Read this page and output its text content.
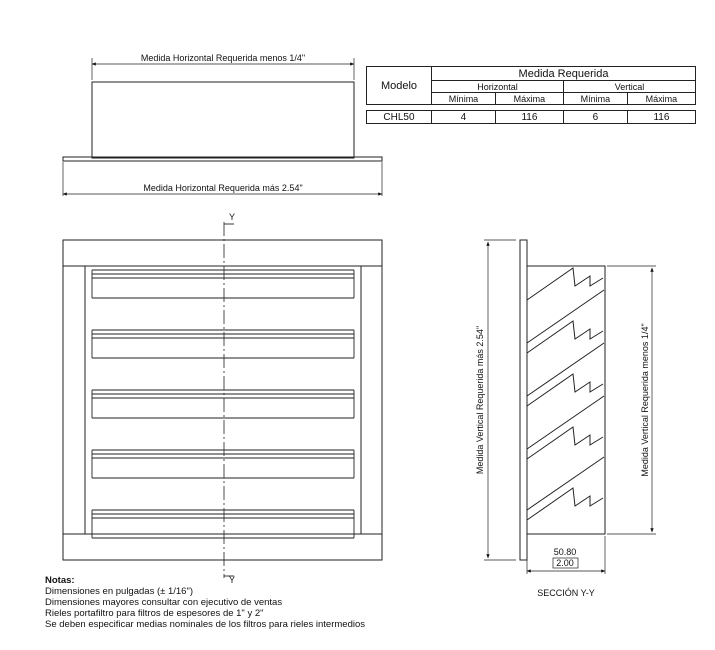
Medida Horizontal Requerida menos 1/4"
Medida Horizontal Requerida más 2.54"
Y
Y
Medida Vertical Requerida más 2.54"	Medida Vertical Requerida menos 1/4"
50.80
2.00
SECCIÓN Y-Y
Modelo	Medida Requerida			
	Horizontal		Vertical	
	Mínima	Máxima	Mínima	Máxima

CHL50	4	116	6	116
Notas:
Dimensiones en pulgadas (± 1/16")
Dimensiones mayores consultar con ejecutivo de ventas
Rieles portafiltro para filtros de espesores de 1" y 2"
Se deben especificar medias nominales de los filtros para rieles intermedios
